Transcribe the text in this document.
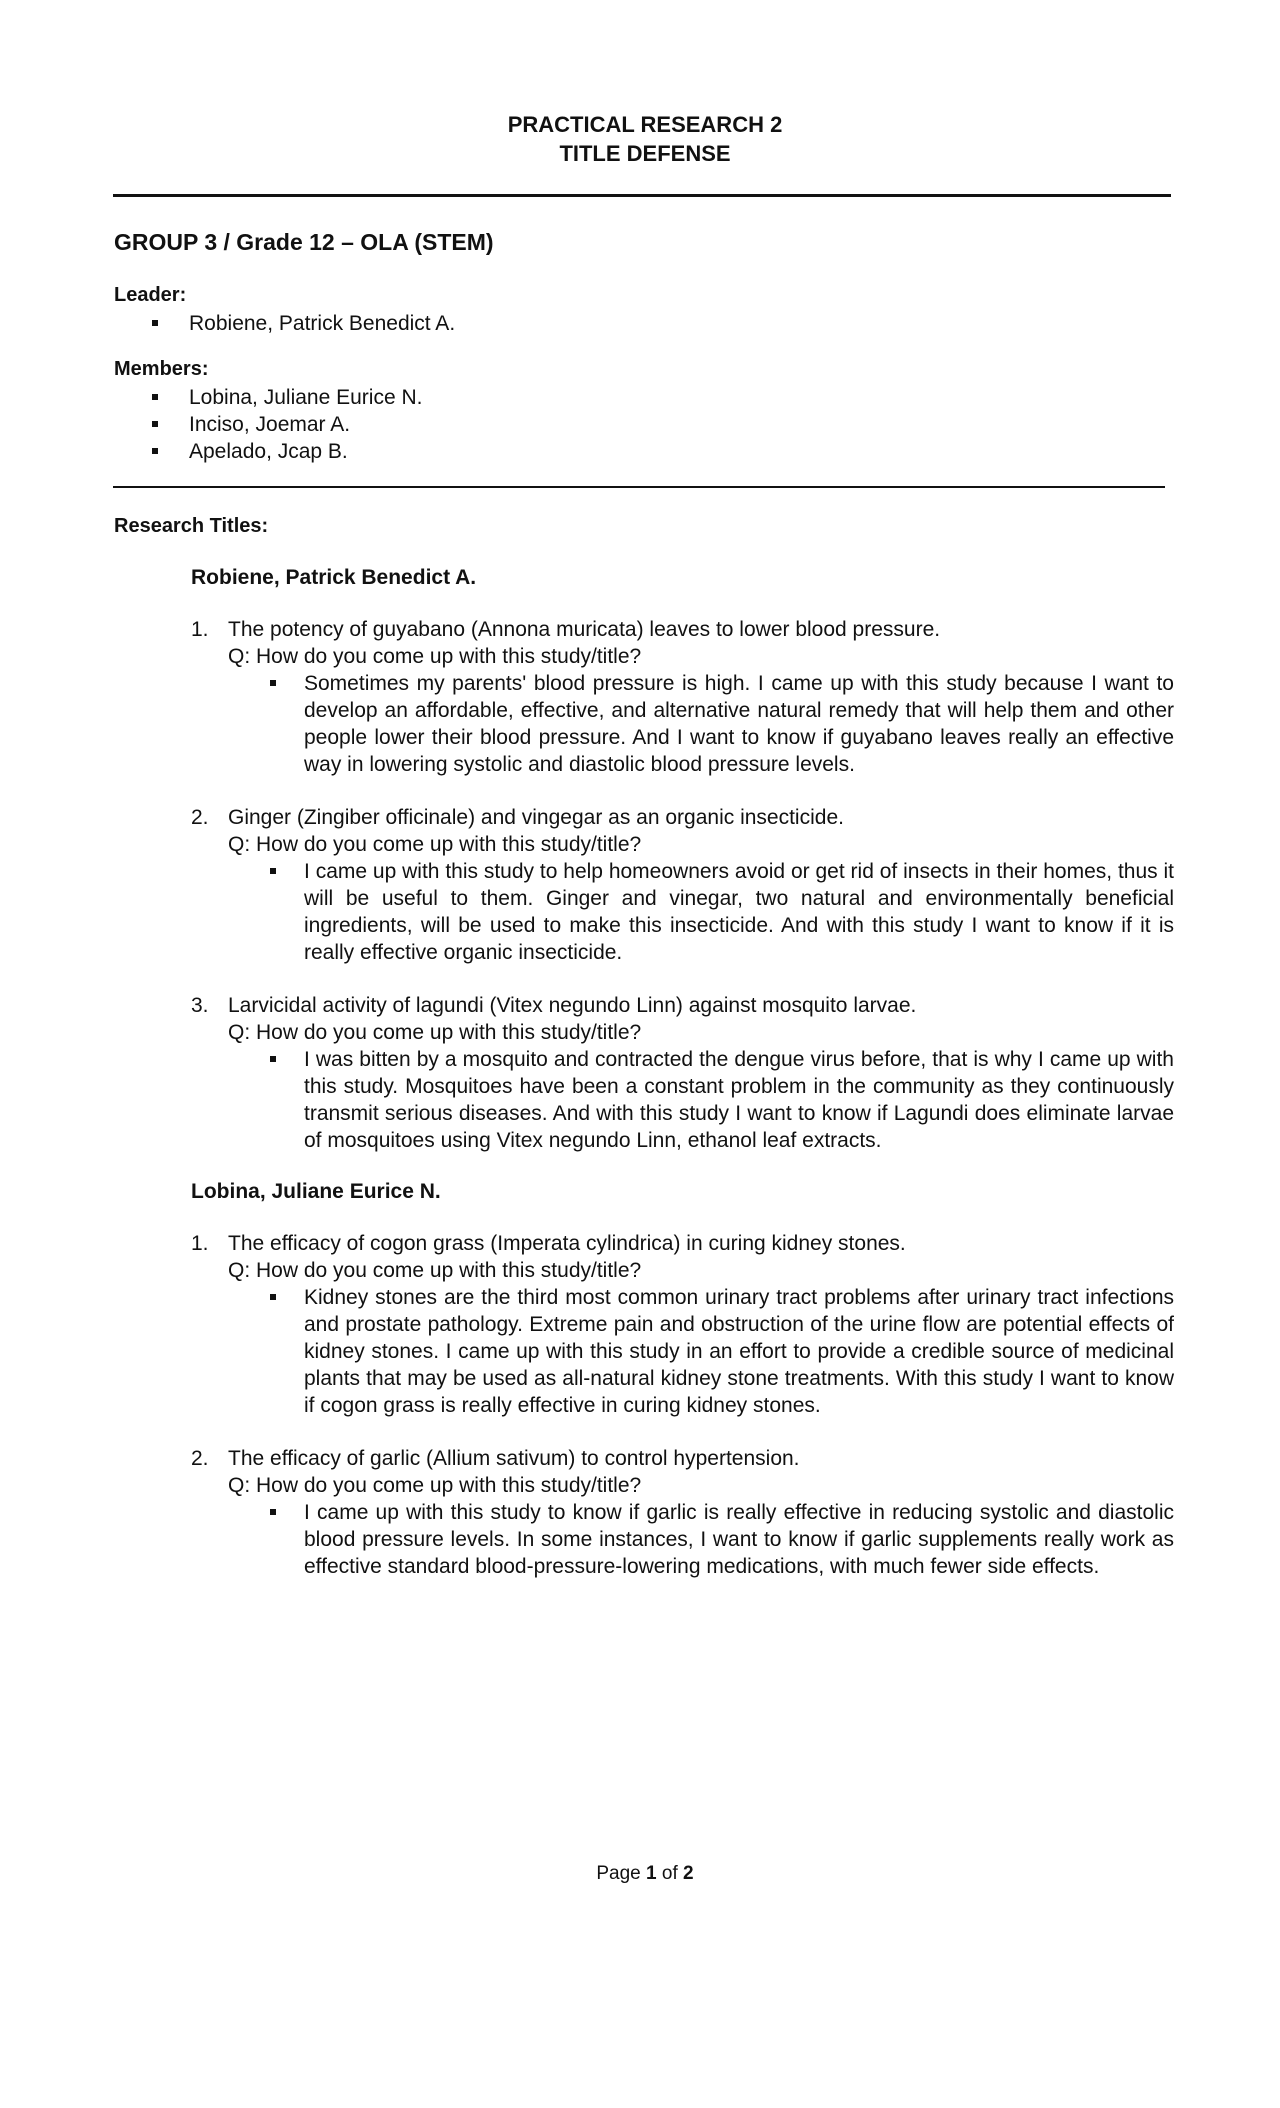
PRACTICAL RESEARCH 2
TITLE DEFENSE
GROUP 3 / Grade 12 – OLA (STEM)
Leader:
Robiene, Patrick Benedict A.
Members:
Lobina, Juliane Eurice N.
Inciso, Joemar A.
Apelado, Jcap B.
Research Titles:
Robiene, Patrick Benedict A.
1. The potency of guyabano (Annona muricata) leaves to lower blood pressure.
Q: How do you come up with this study/title?
Sometimes my parents' blood pressure is high. I came up with this study because I want to develop an affordable, effective, and alternative natural remedy that will help them and other people lower their blood pressure. And I want to know if guyabano leaves really an effective way in lowering systolic and diastolic blood pressure levels.
2. Ginger (Zingiber officinale) and vingegar as an organic insecticide.
Q: How do you come up with this study/title?
I came up with this study to help homeowners avoid or get rid of insects in their homes, thus it will be useful to them. Ginger and vinegar, two natural and environmentally beneficial ingredients, will be used to make this insecticide. And with this study I want to know if it is really effective organic insecticide.
3. Larvicidal activity of lagundi (Vitex negundo Linn) against mosquito larvae.
Q: How do you come up with this study/title?
I was bitten by a mosquito and contracted the dengue virus before, that is why I came up with this study. Mosquitoes have been a constant problem in the community as they continuously transmit serious diseases. And with this study I want to know if Lagundi does eliminate larvae of mosquitoes using Vitex negundo Linn, ethanol leaf extracts.
Lobina, Juliane Eurice N.
1. The efficacy of cogon grass (Imperata cylindrica) in curing kidney stones.
Q: How do you come up with this study/title?
Kidney stones are the third most common urinary tract problems after urinary tract infections and prostate pathology. Extreme pain and obstruction of the urine flow are potential effects of kidney stones. I came up with this study in an effort to provide a credible source of medicinal plants that may be used as all-natural kidney stone treatments. With this study I want to know if cogon grass is really effective in curing kidney stones.
2. The efficacy of garlic (Allium sativum) to control hypertension.
Q: How do you come up with this study/title?
I came up with this study to know if garlic is really effective in reducing systolic and diastolic blood pressure levels. In some instances, I want to know if garlic supplements really work as effective standard blood-pressure-lowering medications, with much fewer side effects.
Page 1 of 2
